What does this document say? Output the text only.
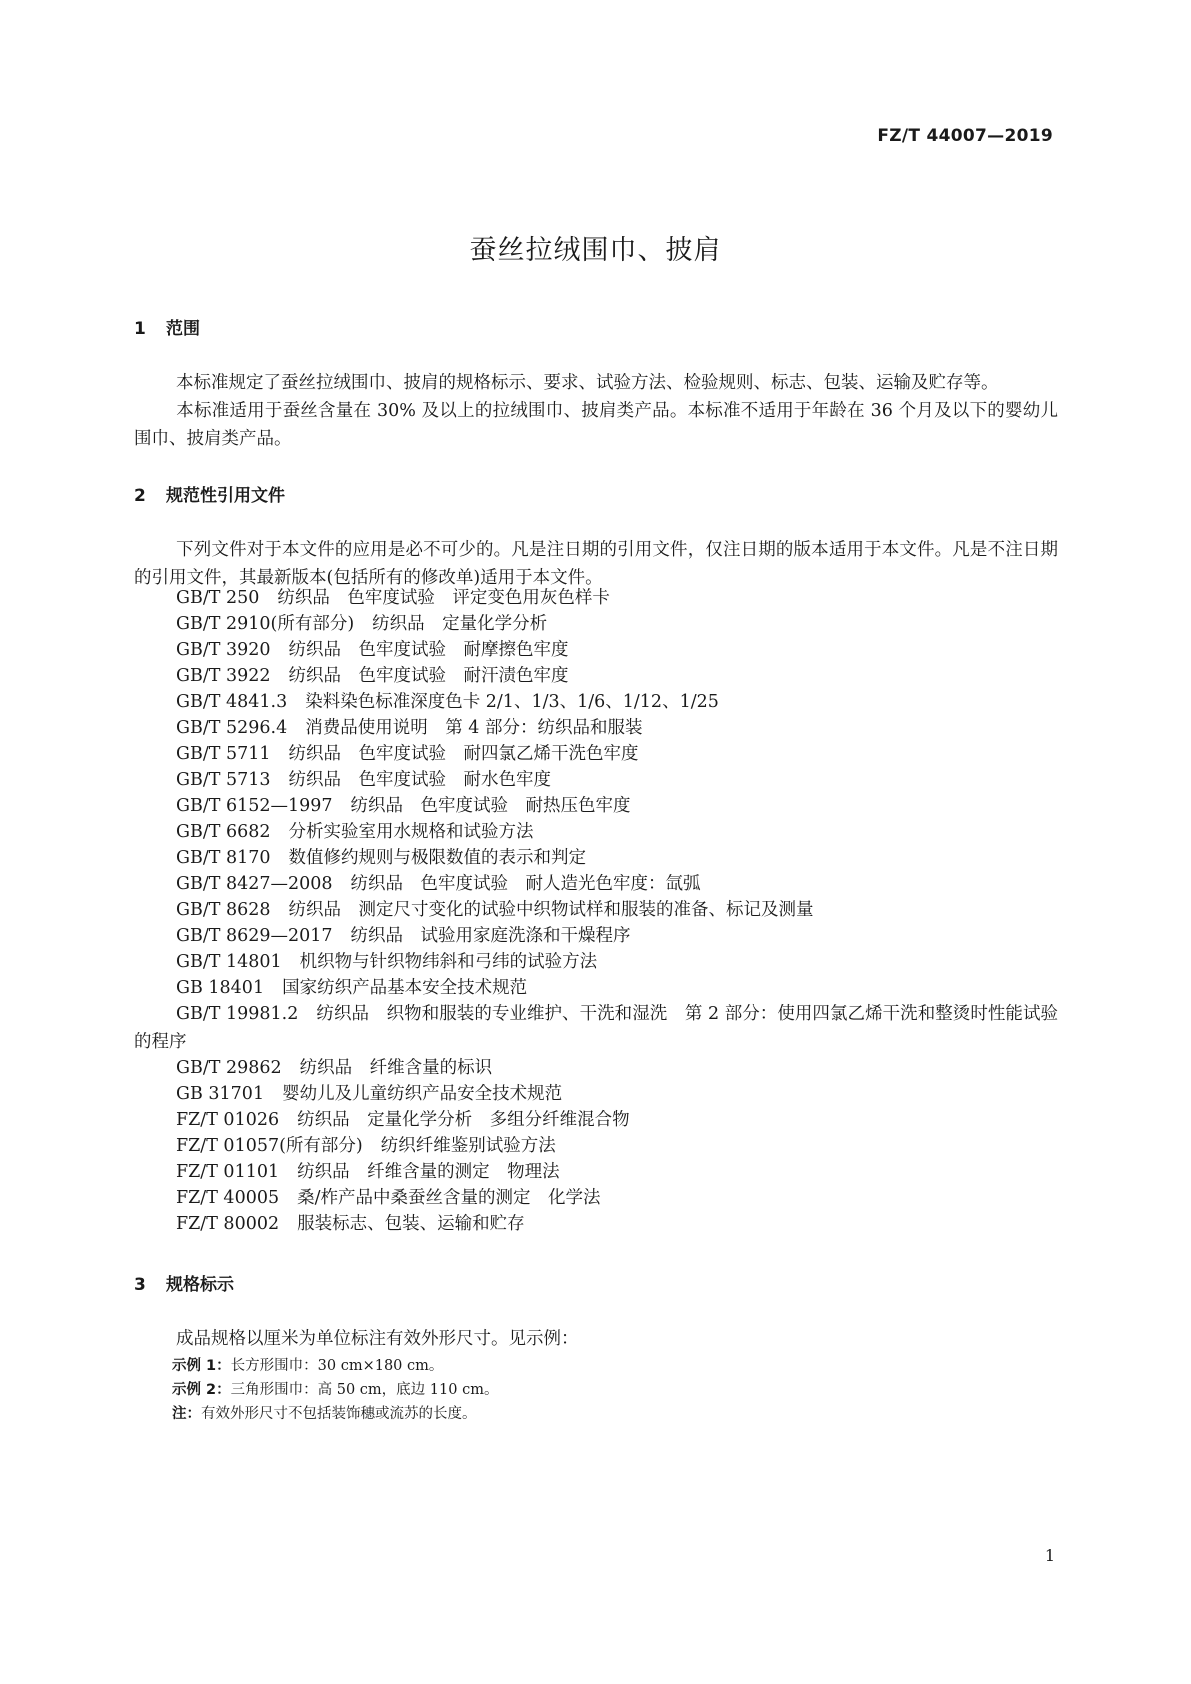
FZ/T 44007—2019
蚕丝拉绒围巾、披肩
1 范围
本标准规定了蚕丝拉绒围巾、披肩的规格标示、要求、试验方法、检验规则、标志、包装、运输及贮存等。
本标准适用于蚕丝含量在 30% 及以上的拉绒围巾、披肩类产品。本标准不适用于年龄在 36 个月及以下的婴幼儿围巾、披肩类产品。
2 规范性引用文件
下列文件对于本文件的应用是必不可少的。凡是注日期的引用文件，仅注日期的版本适用于本文件。凡是不注日期的引用文件，其最新版本(包括所有的修改单)适用于本文件。
GB/T 250 纺织品　色牢度试验　评定变色用灰色样卡
GB/T 2910(所有部分) 纺织品　定量化学分析
GB/T 3920 纺织品　色牢度试验　耐摩擦色牢度
GB/T 3922 纺织品　色牢度试验　耐汗渍色牢度
GB/T 4841.3 染料染色标准深度色卡 2/1、1/3、1/6、1/12、1/25
GB/T 5296.4 消费品使用说明　第 4 部分：纺织品和服装
GB/T 5711 纺织品　色牢度试验　耐四氯乙烯干洗色牢度
GB/T 5713 纺织品　色牢度试验　耐水色牢度
GB/T 6152—1997 纺织品　色牢度试验　耐热压色牢度
GB/T 6682 分析实验室用水规格和试验方法
GB/T 8170 数值修约规则与极限数值的表示和判定
GB/T 8427—2008 纺织品　色牢度试验　耐人造光色牢度：氙弧
GB/T 8628 纺织品　测定尺寸变化的试验中织物试样和服装的准备、标记及测量
GB/T 8629—2017 纺织品　试验用家庭洗涤和干燥程序
GB/T 14801 机织物与针织物纬斜和弓纬的试验方法
GB 18401 国家纺织产品基本安全技术规范
GB/T 19981.2 纺织品　织物和服装的专业维护、干洗和湿洗　第 2 部分：使用四氯乙烯干洗和整烫时性能试验的程序
GB/T 29862 纺织品　纤维含量的标识
GB 31701 婴幼儿及儿童纺织产品安全技术规范
FZ/T 01026 纺织品　定量化学分析　多组分纤维混合物
FZ/T 01057(所有部分) 纺织纤维鉴别试验方法
FZ/T 01101 纺织品　纤维含量的测定　物理法
FZ/T 40005 桑/柞产品中桑蚕丝含量的测定　化学法
FZ/T 80002 服装标志、包装、运输和贮存
3 规格标示
成品规格以厘米为单位标注有效外形尺寸。见示例：
示例 1：长方形围巾：30 cm×180 cm。
示例 2：三角形围巾：高 50 cm，底边 110 cm。
注：有效外形尺寸不包括装饰穗或流苏的长度。
1
